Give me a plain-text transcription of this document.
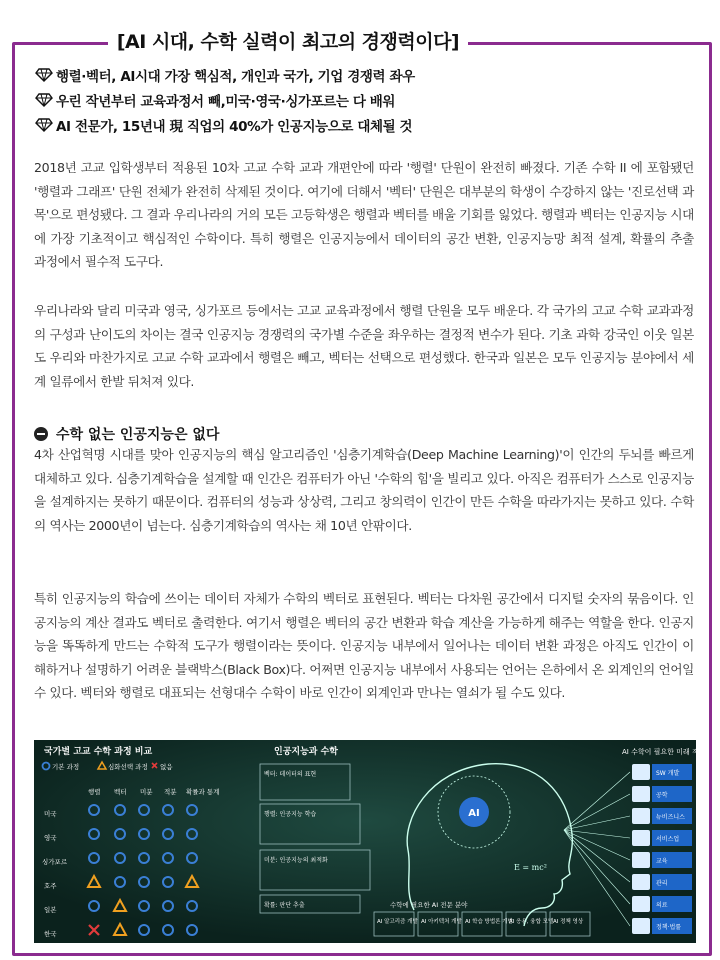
[AI 시대, 수학 실력이 최고의 경쟁력이다]
행렬·벡터, AI시대 가장 핵심적, 개인과 국가, 기업 경쟁력 좌우
우린 작년부터 교육과정서 빼,미국·영국·싱가포르는 다 배워
AI 전문가, 15년내 現 직업의 40%가 인공지능으로 대체될 것
2018년 고교 입학생부터 적용된 10차 고교 수학 교과 개편안에 따라 '행렬' 단원이 완전히 빠졌다. 기존 수학 II 에 포함됐던 '행렬과 그래프' 단원 전체가 완전히 삭제된 것이다. 여기에 더해서 '벡터' 단원은 대부분의 학생이 수강하지 않는 '진로선택 과목'으로 편성됐다. 그 결과 우리나라의 거의 모든 고등학생은 행렬과 벡터를 배울 기회를 잃었다. 행렬과 벡터는 인공지능 시대에 가장 기초적이고 핵심적인 수학이다. 특히 행렬은 인공지능에서 데이터의 공간 변환, 인공지능망 최적 설계, 확률의 추출 과정에서 필수적 도구다.
우리나라와 달리 미국과 영국, 싱가포르 등에서는 고교 교육과정에서 행렬 단원을 모두 배운다. 각 국가의 고교 수학 교과과정의 구성과 난이도의 차이는 결국 인공지능 경쟁력의 국가별 수준을 좌우하는 결정적 변수가 된다. 기초 과학 강국인 이웃 일본도 우리와 마찬가지로 고교 수학 교과에서 행렬은 빼고, 벡터는 선택으로 편성했다. 한국과 일본은 모두 인공지능 분야에서 세계 일류에서 한발 뒤처져 있다.
수학 없는 인공지능은 없다
4차 산업혁명 시대를 맞아 인공지능의 핵심 알고리즘인 '심층기계학습(Deep Machine Learning)'이 인간의 두뇌를 빠르게 대체하고 있다. 심층기계학습을 설계할 때 인간은 컴퓨터가 아닌 '수학의 힘'을 빌리고 있다. 아직은 컴퓨터가 스스로 인공지능을 설계하지는 못하기 때문이다. 컴퓨터의 성능과 상상력, 그리고 창의력이 인간이 만든 수학을 따라가지는 못하고 있다. 수학의 역사는 2000년이 넘는다. 심층기계학습의 역사는 채 10년 안팎이다.
특히 인공지능의 학습에 쓰이는 데이터 자체가 수학의 벡터로 표현된다. 벡터는 다차원 공간에서 디지털 숫자의 묶음이다. 인공지능의 계산 결과도 벡터로 출력한다. 여기서 행렬은 벡터의 공간 변환과 학습 계산을 가능하게 해주는 역할을 한다. 인공지능을 똑똑하게 만드는 수학적 도구가 행렬이라는 뜻이다. 인공지능 내부에서 일어나는 데이터 변환 과정은 아직도 인간이 이해하거나 설명하기 어려운 블랙박스(Black Box)다. 어쩌면 인공지능 내부에서 사용되는 언어는 은하에서 온 외계인의 언어일 수 있다. 벡터와 행렬로 대표되는 선형대수 수학이 바로 인간이 외계인과 만나는 열쇠가 될 수도 있다.
국가별 고교 수학 과정 비교
기본 과정	심화선택 과정 없음
행렬 벡터 미분 적분 확률과 통계
미국
영국
싱가포르
호주
일본
한국
인공지능과 수학
벡터: 데이터의 표현
행렬: 인공지능 학습
미분: 인공지능의 최적화
확률: 판단 추출	수학에 필요한 AI 전문 분야
AI 알고리즘 개발 AI 아키텍처 개발 AI 학습 방법론 개발
AI 응용, 융합 모델 AI 정책 영상
AI
E = mc²
AI 수학이 필요한 미래 직업
SW 개발
공학
뉴비즈니스
서비스업
교육
관리
의료
정책·법률
